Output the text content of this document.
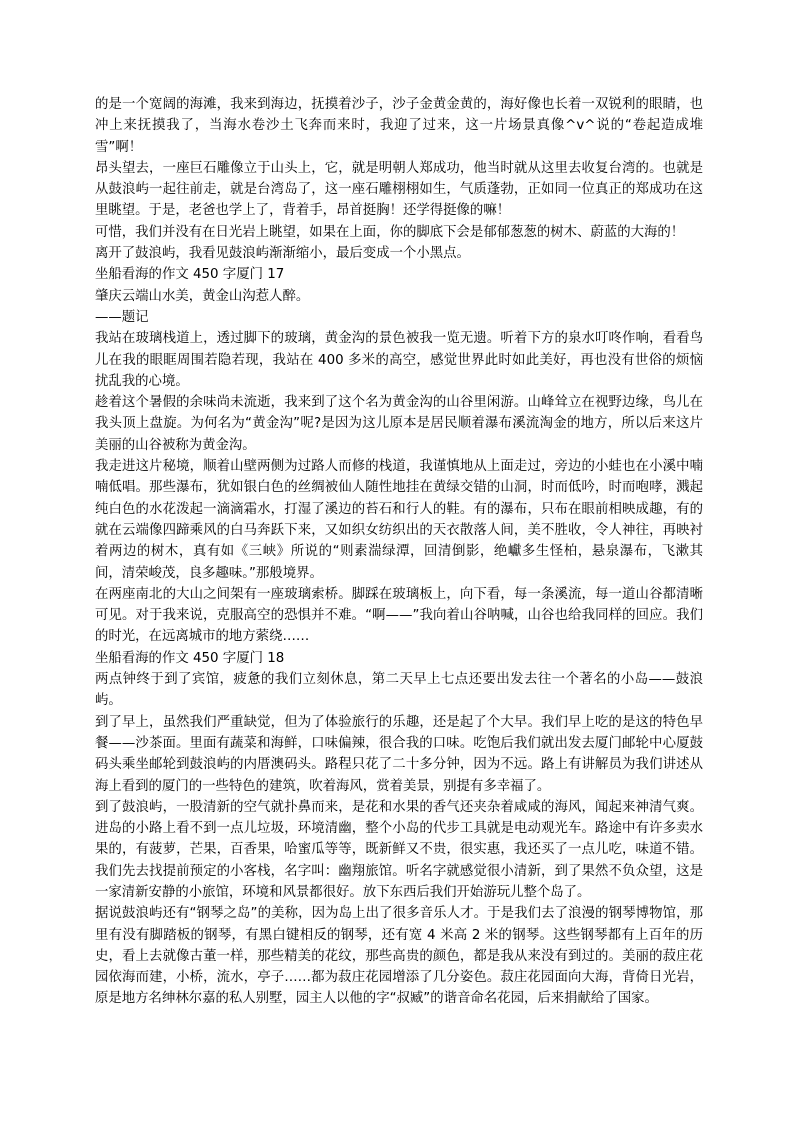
的是一个宽阔的海滩，我来到海边，抚摸着沙子，沙子金黄金黄的，海好像也长着一双锐利的眼睛，也冲上来抚摸我了，当海水卷沙土飞奔而来时，我迎了过来，这一片场景真像^v^说的“卷起造成堆雪”啊！

昂头望去，一座巨石雕像立于山头上，它，就是明朝人郑成功，他当时就从这里去收复台湾的。也就是从鼓浪屿一起往前走，就是台湾岛了，这一座石雕栩栩如生，气质蓬勃，正如同一位真正的郑成功在这里眺望。于是，老爸也学上了，背着手，昂首挺胸！还学得挺像的嘛！

可惜，我们并没有在日光岩上眺望，如果在上面，你的脚底下会是郁郁葱葱的树木、蔚蓝的大海的！

离开了鼓浪屿，我看见鼓浪屿渐渐缩小，最后变成一个小黑点。

坐船看海的作文 450 字厦门 17

肇庆云端山水美，黄金山沟惹人醉。

——题记

我站在玻璃栈道上，透过脚下的玻璃，黄金沟的景色被我一览无遗。听着下方的泉水叮咚作响，看看鸟儿在我的眼眶周围若隐若现，我站在 400 多米的高空，感觉世界此时如此美好，再也没有世俗的烦恼扰乱我的心境。

趁着这个暑假的余味尚未流逝，我来到了这个名为黄金沟的山谷里闲游。山峰耸立在视野边缘，鸟儿在我头顶上盘旋。为何名为“黄金沟”呢?是因为这儿原本是居民顺着瀑布溪流淘金的地方，所以后来这片美丽的山谷被称为黄金沟。

我走进这片秘境，顺着山壁两侧为过路人而修的栈道，我谨慎地从上面走过，旁边的小蛙也在小溪中喃喃低唱。那些瀑布，犹如银白色的丝绸被仙人随性地挂在黄绿交错的山洞，时而低吟，时而咆哮，溅起纯白色的水花泼起一滴滴霜水，打湿了溪边的苔石和行人的鞋。有的瀑布，只布在眼前相映成趣，有的就在云端像四蹄乘风的白马奔跃下来，又如织女纺织出的天衣散落人间，美不胜收，令人神往，再映衬着两边的树木，真有如《三峡》所说的“则素湍绿潭，回清倒影，绝巘多生怪柏，悬泉瀑布，飞漱其间，清荣峻茂，良多趣味。”那般境界。

在两座南北的大山之间架有一座玻璃索桥。脚踩在玻璃板上，向下看，每一条溪流，每一道山谷都清晰可见。对于我来说，克服高空的恐惧并不难。“啊——”我向着山谷呐喊，山谷也给我同样的回应。我们的时光，在远离城市的地方萦绕……

坐船看海的作文 450 字厦门 18

两点钟终于到了宾馆，疲惫的我们立刻休息，第二天早上七点还要出发去往一个著名的小岛——鼓浪屿。

到了早上，虽然我们严重缺觉，但为了体验旅行的乐趣，还是起了个大早。我们早上吃的是这的特色早餐——沙茶面。里面有蔬菜和海鲜，口味偏辣，很合我的口味。吃饱后我们就出发去厦门邮轮中心厦鼓码头乘坐邮轮到鼓浪屿的内厝澳码头。路程只花了二十多分钟，因为不远。路上有讲解员为我们讲述从海上看到的厦门的一些特色的建筑，吹着海风，赏着美景，别提有多幸福了。

到了鼓浪屿，一股清新的空气就扑鼻而来，是花和水果的香气还夹杂着咸咸的海风，闻起来神清气爽。进岛的小路上看不到一点儿垃圾，环境清幽，整个小岛的代步工具就是电动观光车。路途中有许多卖水果的，有菠萝，芒果，百香果，哈蜜瓜等等，既新鲜又不贵，很实惠，我还买了一点儿吃，味道不错。我们先去找提前预定的小客栈，名字叫：幽翔旅馆。听名字就感觉很小清新，到了果然不负众望，这是一家清新安静的小旅馆，环境和风景都很好。放下东西后我们开始游玩儿整个岛了。

据说鼓浪屿还有“钢琴之岛”的美称，因为岛上出了很多音乐人才。于是我们去了浪漫的钢琴博物馆，那里有没有脚踏板的钢琴，有黑白键相反的钢琴，还有宽 4 米高 2 米的钢琴。这些钢琴都有上百年的历史，看上去就像古董一样，那些精美的花纹，那些高贵的颜色，都是我从来没有到过的。美丽的菽庄花园依海而建，小桥，流水，亭子……都为菽庄花园增添了几分姿色。菽庄花园面向大海，背倚日光岩，原是地方名绅林尔嘉的私人别墅，园主人以他的字“叔臧”的谐音命名花园，后来捐献给了国家。
